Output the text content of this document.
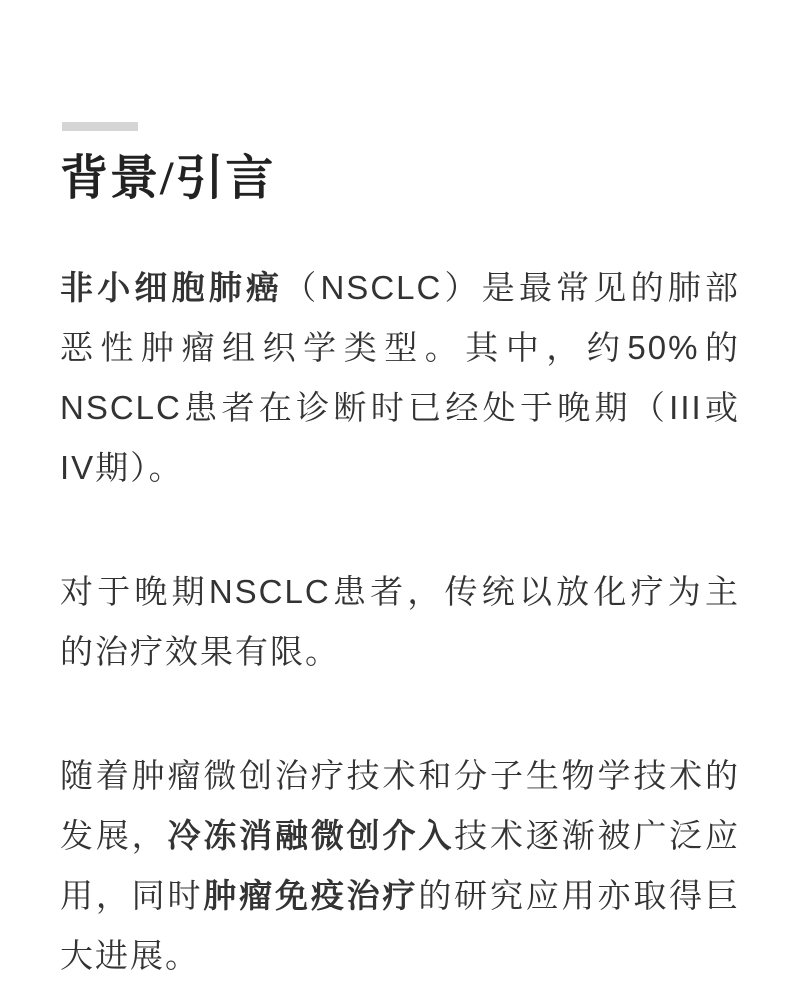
背景/引言

非小细胞肺癌（NSCLC）是最常见的肺部恶性肿瘤组织学类型。其中，约50%的NSCLC患者在诊断时已经处于晚期（III或IV期）。

对于晚期NSCLC患者，传统以放化疗为主的治疗效果有限。

随着肿瘤微创治疗技术和分子生物学技术的发展，冷冻消融微创介入技术逐渐被广泛应用，同时肿瘤免疫治疗的研究应用亦取得巨大进展。
